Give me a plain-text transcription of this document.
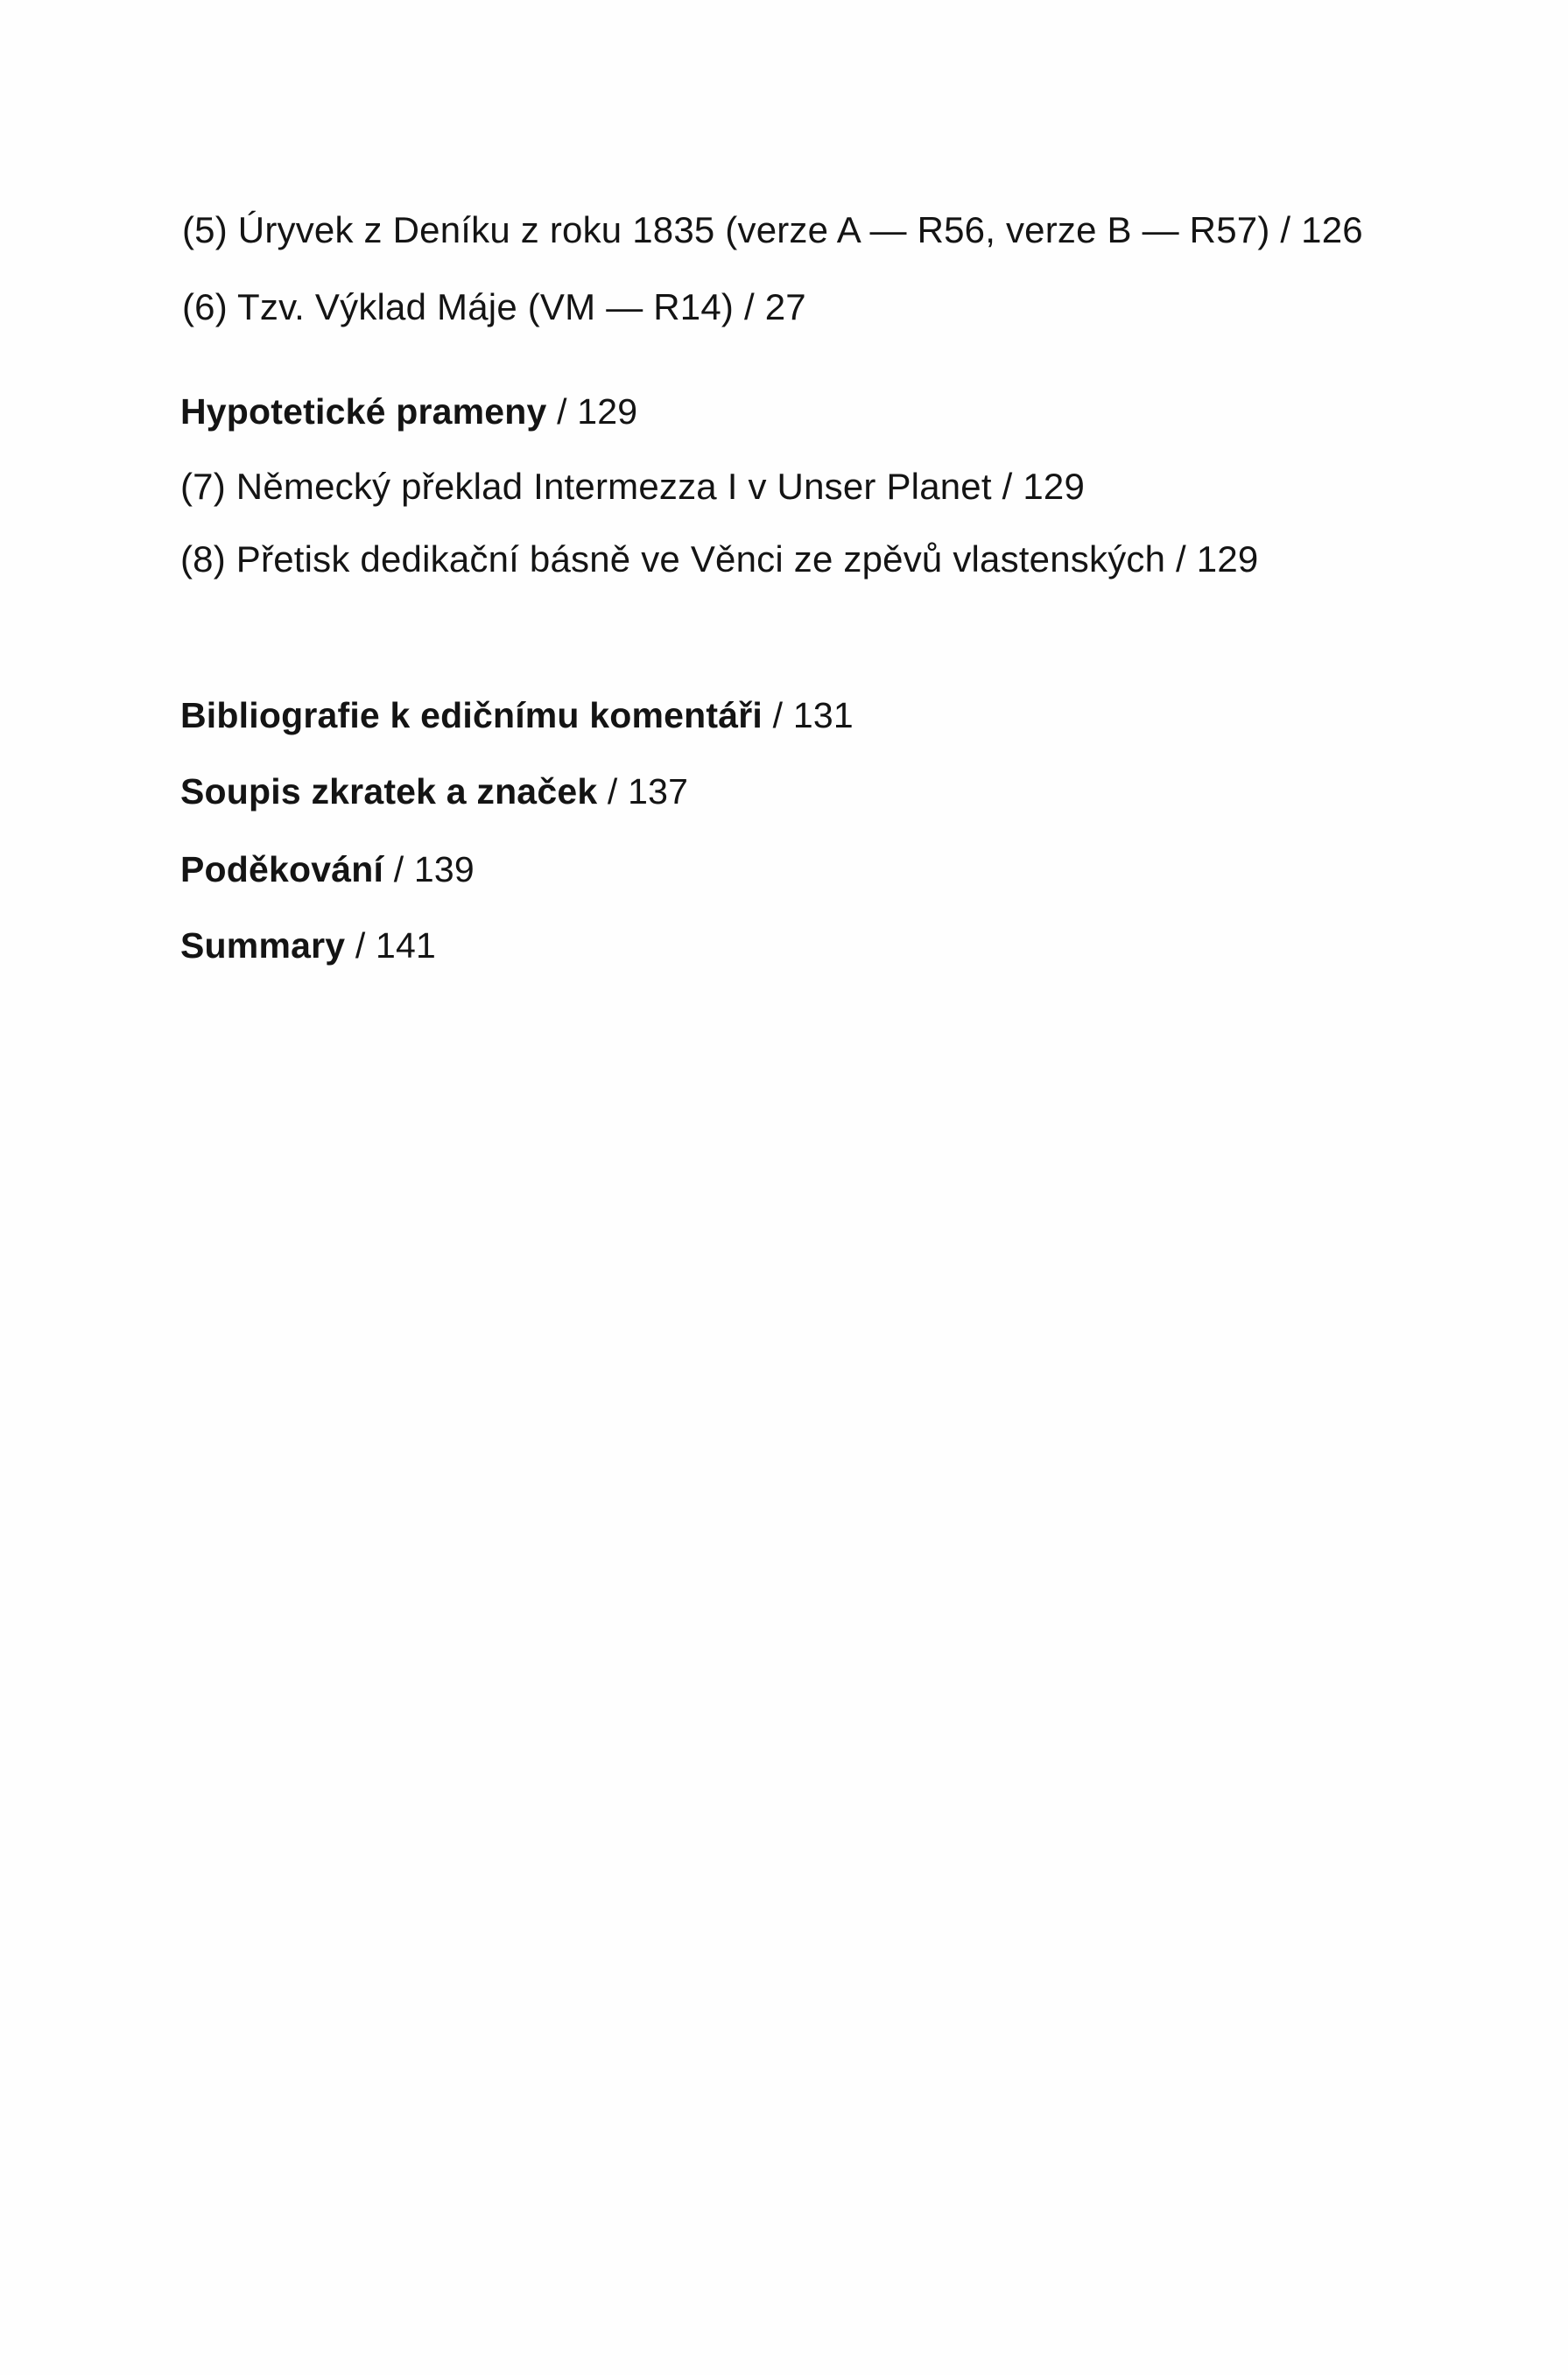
(5) Úryvek z Deníku z roku 1835 (verze A — R56, verze B — R57) / 126
(6) Tzv. Výklad Máje (VM — R14) / 27
Hypotetické prameny / 129
(7) Německý překlad Intermezza I v Unser Planet / 129
(8) Přetisk dedikační básně ve Věnci ze zpěvů vlastenských / 129
Bibliografie k edičnímu komentáři / 131
Soupis zkratek a značek / 137
Poděkování / 139
Summary / 141
